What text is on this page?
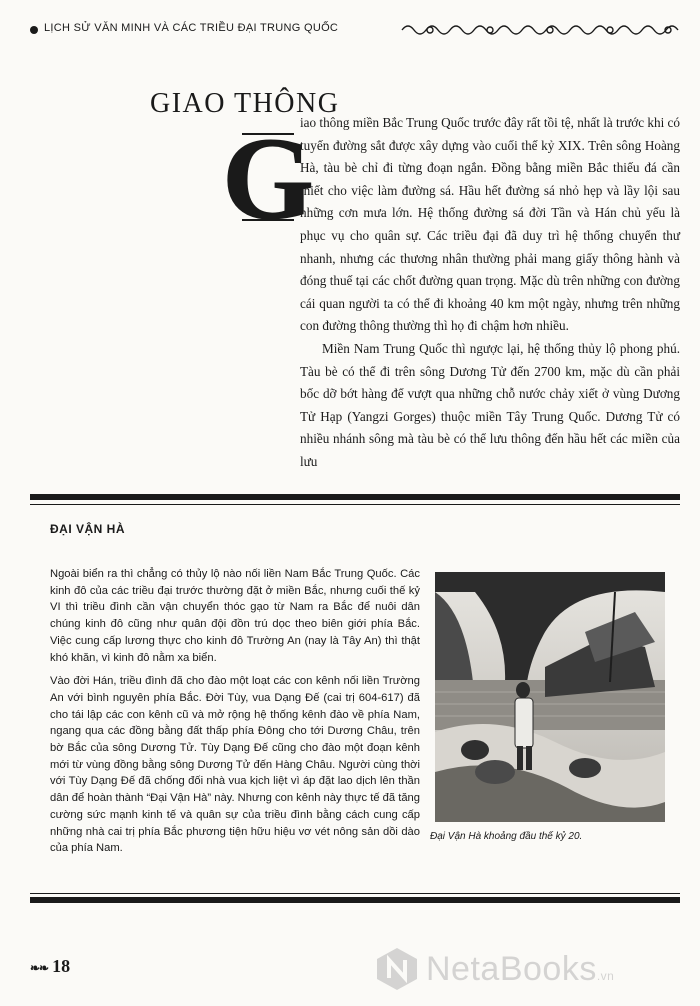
LỊCH SỬ VĂN MINH VÀ CÁC TRIỀU ĐẠI TRUNG QUỐC
GIAO THÔNG
G

iao thông miền Bắc Trung Quốc trước đây rất tồi tệ, nhất là trước khi có tuyến đường sắt được xây dựng vào cuối thế kỷ XIX. Trên sông Hoàng Hà, tàu bè chỉ đi từng đoạn ngắn. Đồng bằng miền Bắc thiếu đá cần thiết cho việc làm đường sá. Hầu hết đường sá nhỏ hẹp và lầy lội sau những cơn mưa lớn. Hệ thống đường sá đời Tần và Hán chủ yếu là phục vụ cho quân sự. Các triều đại đã duy trì hệ thống chuyển thư nhanh, nhưng các thương nhân thường phải mang giấy thông hành và đóng thuế tại các chốt đường quan trọng. Mặc dù trên những con đường cái quan người ta có thể đi khoảng 40 km một ngày, nhưng trên những con đường thông thường thì họ đi chậm hơn nhiều.

Miền Nam Trung Quốc thì ngược lại, hệ thống thủy lộ phong phú. Tàu bè có thể đi trên sông Dương Tử đến 2700 km, mặc dù cần phải bốc dỡ bớt hàng để vượt qua những chỗ nước chảy xiết ở vùng Dương Tử Hạp (Yangzi Gorges) thuộc miền Tây Trung Quốc. Dương Tử có nhiều nhánh sông mà tàu bè có thể lưu thông đến hầu hết các miền của lưu

ĐẠI VẬN HÀ

Ngoài biển ra thì chẳng có thủy lộ nào nối liền Nam Bắc Trung Quốc. Các kinh đô của các triều đại trước thường đặt ở miền Bắc, nhưng cuối thế kỷ VI thì triều đình cần vận chuyển thóc gạo từ Nam ra Bắc để nuôi dân chúng kinh đô cũng như quân đội đồn trú dọc theo biên giới phía Bắc. Việc cung cấp lương thực cho kinh đô Trường An (nay là Tây An) thì thật khó khăn, vì kinh đô nằm xa biển.

Vào đời Hán, triều đình đã cho đào một loạt các con kênh nối liền Trường An với bình nguyên phía Bắc. Đời Tùy, vua Dạng Đế (cai trị 604-617) đã cho tái lập các con kênh cũ và mở rộng hệ thống kênh đào về phía Nam, ngang qua các đồng bằng đất thấp phía Đông cho tới Dương Châu, trên bờ Bắc của sông Dương Tử. Tùy Dạng Đế cũng cho đào một đoạn kênh mới từ vùng đồng bằng sông Dương Tử đến Hàng Châu. Người cùng thời với Tùy Dạng Đế đã chống đối nhà vua kịch liệt vì áp đặt lao dịch lên thần dân để hoàn thành “Đại Vận Hà” này. Nhưng con kênh này thực tế đã tăng cường sức mạnh kinh tế và quân sự của triều đình bằng cách cung cấp những nhà cai trị phía Bắc phương tiện hữu hiệu vơ vét nông sản dồi dào của phía Nam.

Đại Vận Hà khoảng đầu thế kỷ 20.
❧❧ 18	NetaBooks.vn
